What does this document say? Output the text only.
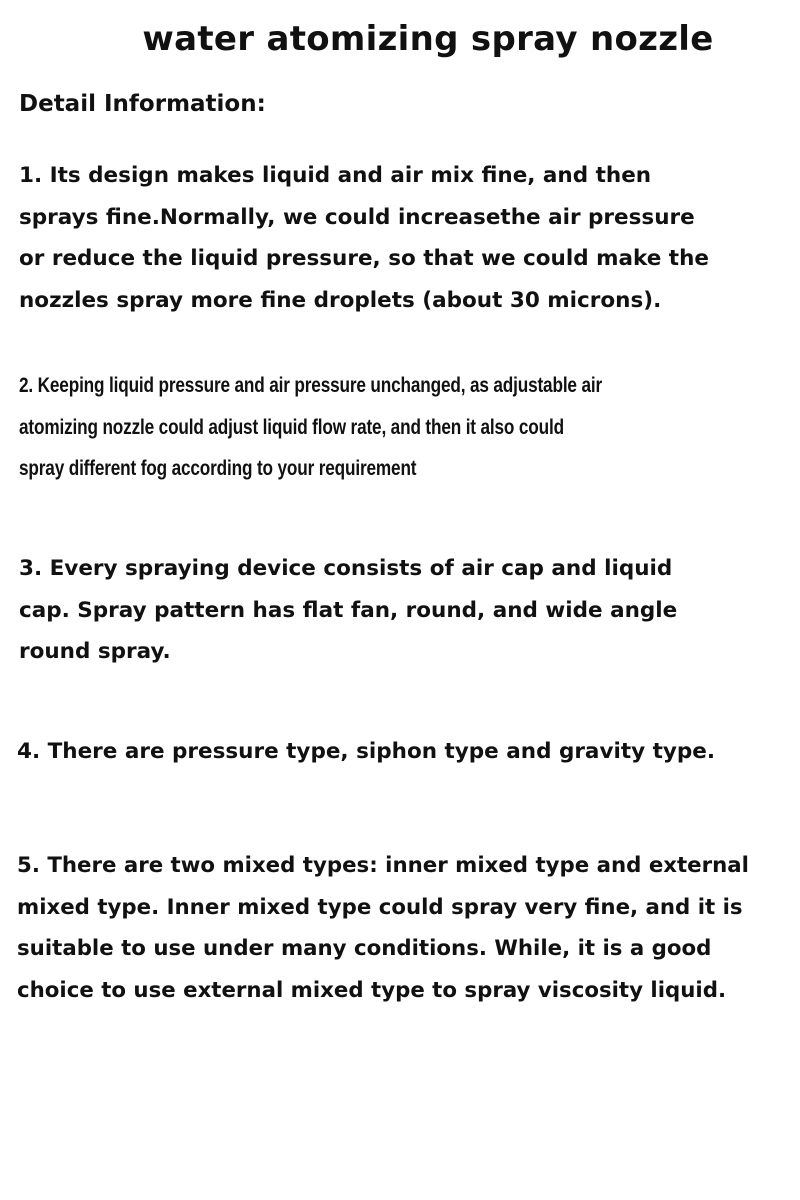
water atomizing spray nozzle
Detail Information:
1. Its design makes liquid and air mix fine, and then
sprays fine.Normally, we could increasethe air pressure
or reduce the liquid pressure, so that we could make the
nozzles spray more fine droplets (about 30 microns).
2. Keeping liquid pressure and air pressure unchanged, as adjustable air
atomizing nozzle could adjust liquid flow rate, and then it also could
spray different fog according to your requirement
3. Every spraying device consists of air cap and liquid
cap. Spray pattern has flat fan, round, and wide angle
round spray.
4. There are pressure type, siphon type and gravity type.
5. There are two mixed types: inner mixed type and external
mixed type. Inner mixed type could spray very fine, and it is
suitable to use under many conditions. While, it is a good
choice to use external mixed type to spray viscosity liquid.
